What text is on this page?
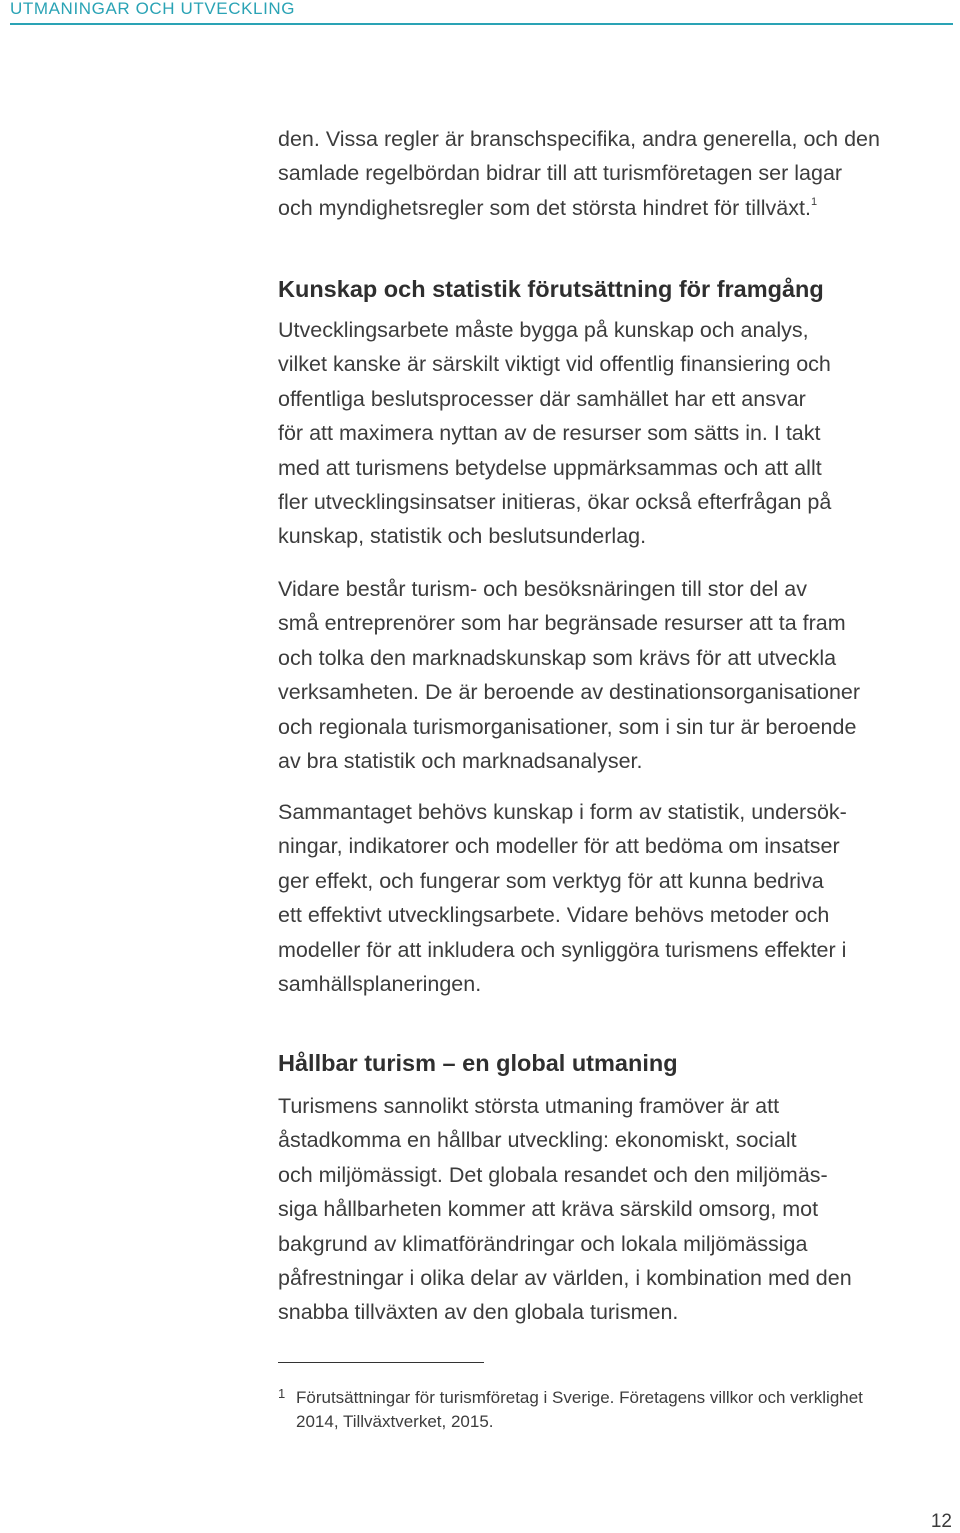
UTMANINGAR OCH UTVECKLING

den. Vissa regler är branschspecifika, andra generella, och den
samlade regelbördan bidrar till att turismföretagen ser lagar
och myndighetsregler som det största hindret för tillväxt.$^1$

Kunskap och statistik förutsättning för framgång

Utvecklingsarbete måste bygga på kunskap och analys,
vilket kanske är särskilt viktigt vid offentlig finansiering och
offentliga beslutsprocesser där samhället har ett ansvar
för att maximera nyttan av de resurser som sätts in. I takt
med att turismens betydelse uppmärksammas och att allt
fler utvecklingsinsatser initieras, ökar också efterfrågan på
kunskap, statistik och beslutsunderlag.

Vidare består turism- och besöksnäringen till stor del av
små entreprenörer som har begränsade resurser att ta fram
och tolka den marknadskunskap som krävs för att utveckla
verksamheten. De är beroende av destinationsorganisationer
och regionala turismorganisationer, som i sin tur är beroende
av bra statistik och marknadsanalyser.

Sammantaget behövs kunskap i form av statistik, undersök-
ningar, indikatorer och modeller för att bedöma om insatser
ger effekt, och fungerar som verktyg för att kunna bedriva
ett effektivt utvecklingsarbete. Vidare behövs metoder och
modeller för att inkludera och synliggöra turismens effekter i
samhällsplaneringen.

Hållbar turism – en global utmaning

Turismens sannolikt största utmaning framöver är att
åstadkomma en hållbar utveckling: ekonomiskt, socialt
och miljömässigt. Det globala resandet och den miljömäs-
siga hållbarheten kommer att kräva särskild omsorg, mot
bakgrund av klimatförändringar och lokala miljömässiga
påfrestningar i olika delar av världen, i kombination med den
snabba tillväxten av den globala turismen.

1 Förutsättningar för turismföretag i Sverige. Företagens villkor och verklighet
2014, Tillväxtverket, 2015.
12
